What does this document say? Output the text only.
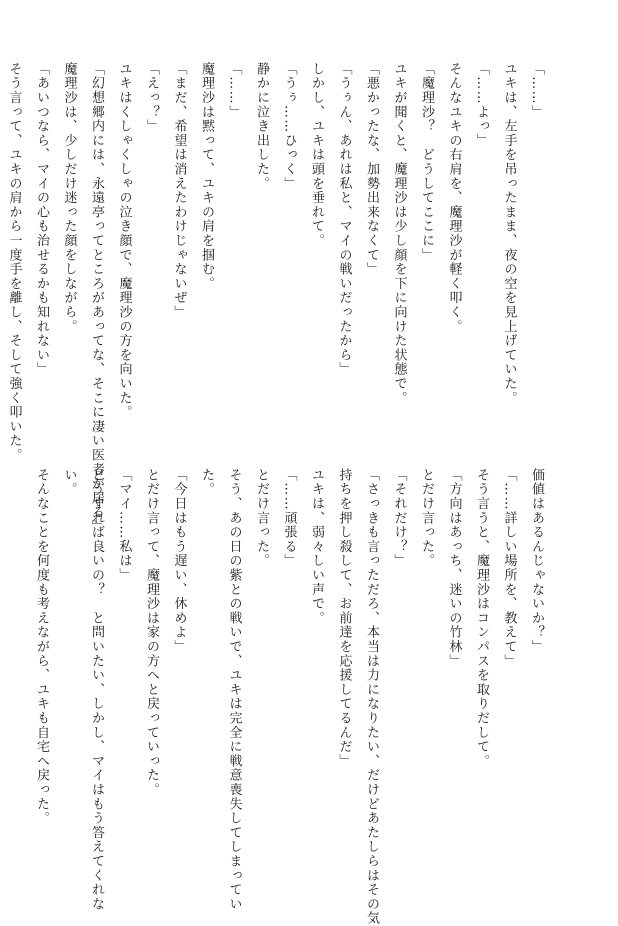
「……」
ユキは、左手を吊ったまま、夜の空を見上げていた。
「……よっ」
そんなユキの右肩を、魔理沙が軽く叩く。
「魔理沙？　どうしてここに」
ユキが聞くと、魔理沙は少し顔を下に向けた状態で。
「悪かったな、加勢出来なくて」
「うぅん、あれは私と、マイの戦いだったから」
しかし、ユキは頭を垂れて。
「うぅ……ひっく」
静かに泣き出した。
「……」
魔理沙は黙って、ユキの肩を掴む。
「まだ、希望は消えたわけじゃないぜ」
「えっ？」
ユキはくしゃくしゃの泣き顔で、魔理沙の方を向いた。
「幻想郷内には、永遠亭ってところがあってな、そこに凄い医者が居る」
魔理沙は、少しだけ迷った顔をしながら。
「あいつなら、マイの心も治せるかも知れない」
そう言って、ユキの肩から一度手を離し、そして強く叩いた。
価値はあるんじゃないか？」
「……詳しい場所を、教えて」
そう言うと、魔理沙はコンパスを取りだして。
「方向はあっち、迷いの竹林」
とだけ言った。
「それだけ？」
「さっきも言っただろ、本当は力になりたい、だけどあたしらはその気
持ちを押し殺して、お前達を応援してるんだ」
ユキは、弱々しい声で。
「……頑張る」
とだけ言った。
そう、あの日の紫との戦いで、ユキは完全に戦意喪失してしまってい
た。
「今日はもう遅い、休めよ」
とだけ言って、魔理沙は家の方へと戻っていった。
「マイ……私は」
どうすれば良いの？　と問いたい、しかし、マイはもう答えてくれな
い。
そんなことを何度も考えながら、ユキも自宅へ戻った。
